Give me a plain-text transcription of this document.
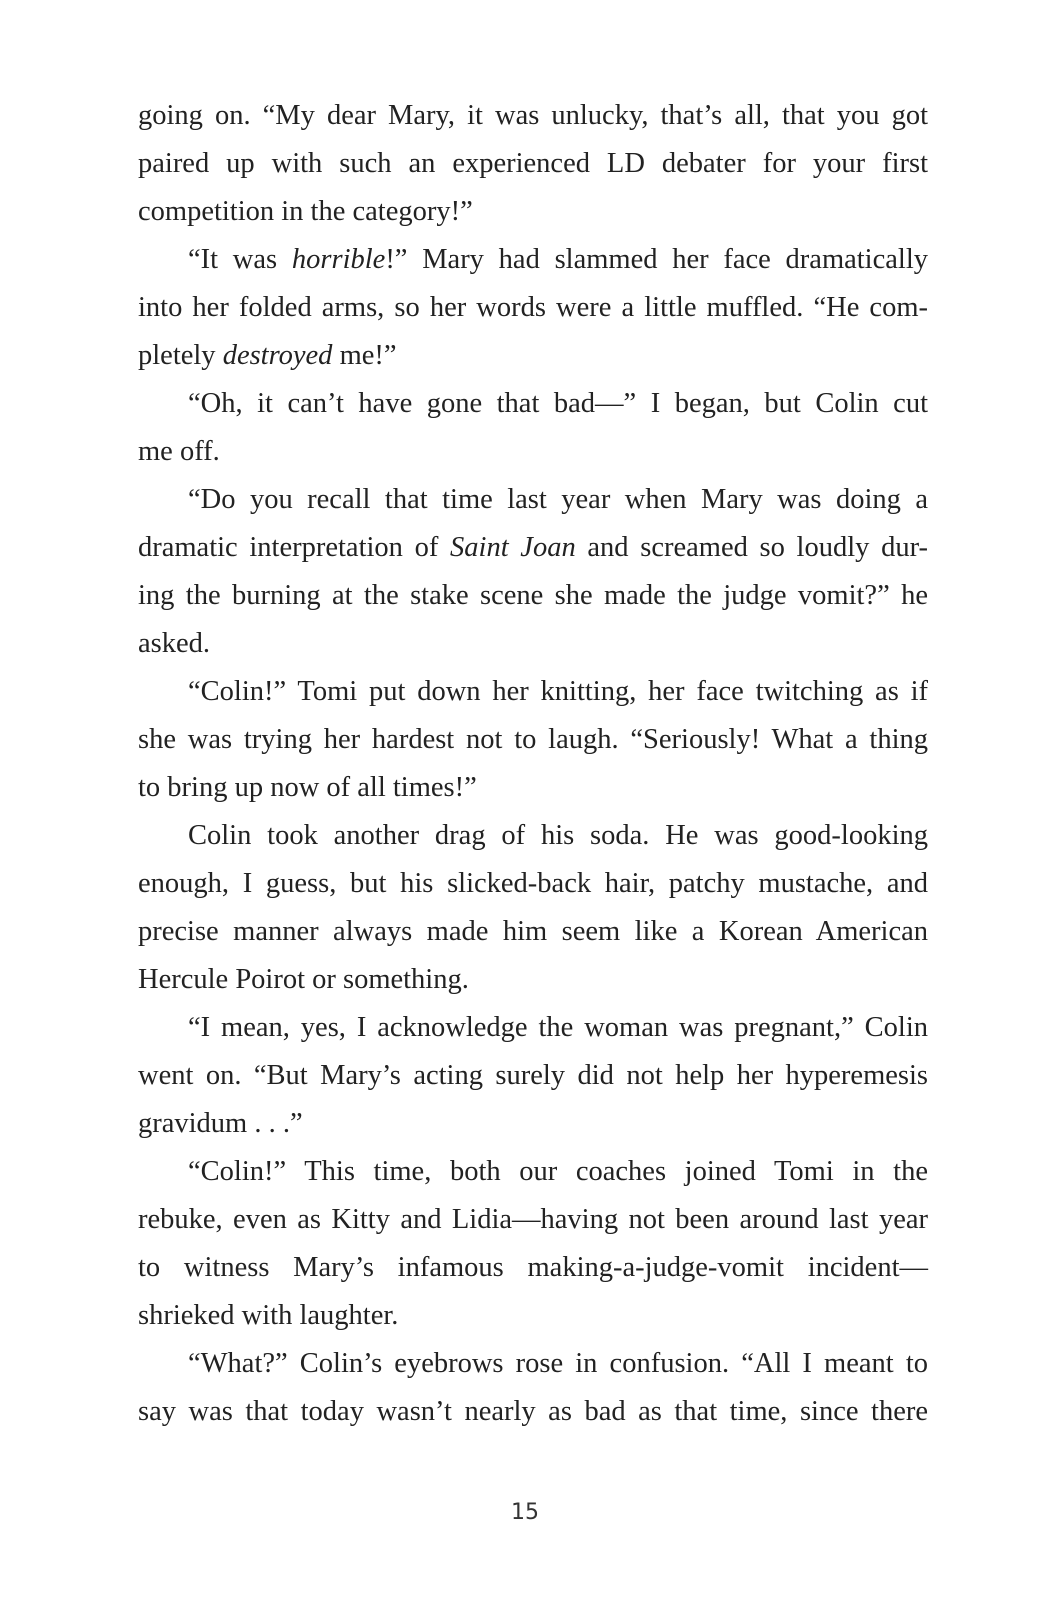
going on. “My dear Mary, it was unlucky, that’s all, that you got
paired up with such an experienced LD debater for your first
competition in the category!”
“It was horrible!” Mary had slammed her face dramatically
into her folded arms, so her words were a little muffled. “He com-
pletely destroyed me!”
“Oh, it can’t have gone that bad—” I began, but Colin cut
me off.
“Do you recall that time last year when Mary was doing a
dramatic interpretation of Saint Joan and screamed so loudly dur-
ing the burning at the stake scene she made the judge vomit?” he
asked.
“Colin!” Tomi put down her knitting, her face twitching as if
she was trying her hardest not to laugh. “Seriously! What a thing
to bring up now of all times!”
Colin took another drag of his soda. He was good-looking
enough, I guess, but his slicked-back hair, patchy mustache, and
precise manner always made him seem like a Korean American
Hercule Poirot or something.
“I mean, yes, I acknowledge the woman was pregnant,” Colin
went on. “But Mary’s acting surely did not help her hyperemesis
gravidum . . .”
“Colin!” This time, both our coaches joined Tomi in the
rebuke, even as Kitty and Lidia—having not been around last year
to witness Mary’s infamous making-a-judge-vomit incident—
shrieked with laughter.
“What?” Colin’s eyebrows rose in confusion. “All I meant to
say was that today wasn’t nearly as bad as that time, since there
15
